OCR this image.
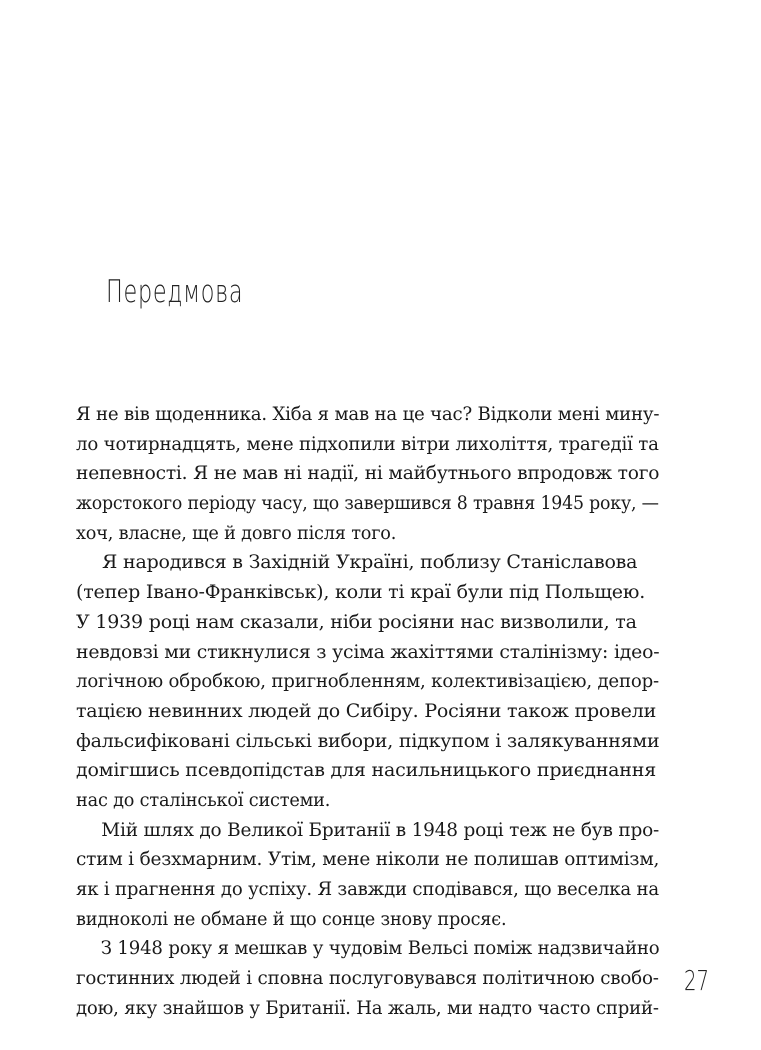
Передмова
Я не вів щоденника. Хіба я мав на це час? Відколи мені мину-
ло чотирнадцять, мене підхопили вітри лихоліття, трагедії та
непевності. Я не мав ні надії, ні майбутнього впродовж того
жорстокого періоду часу, що завершився 8 травня 1945 року, —
хоч, власне, ще й довго після того.
Я народився в Західній Україні, поблизу Станіславова
(тепер Івано-Франківськ), коли ті краї були під Польщею.
У 1939 році нам сказали, ніби росіяни нас визволили, та
невдовзі ми стикнулися з усіма жахіттями сталінізму: ідео-
логічною обробкою, пригнобленням, колективізацією, депор-
тацією невинних людей до Сибіру. Росіяни також провели
фальсифіковані сільські вибори, підкупом і залякуваннями
домігшись псевдопідстав для насильницького приєднання
нас до сталінської системи.
Мій шлях до Великої Британії в 1948 році теж не був про-
стим і безхмарним. Утім, мене ніколи не полишав оптимізм,
як і прагнення до успіху. Я завжди сподівався, що веселка на
видноколі не обмане й що сонце знову просяє.
З 1948 року я мешкав у чудовім Вельсі поміж надзвичайно
гостинних людей і сповна послуговувався політичною свобо-
дою, яку знайшов у Британії. На жаль, ми надто часто сприй-
27
